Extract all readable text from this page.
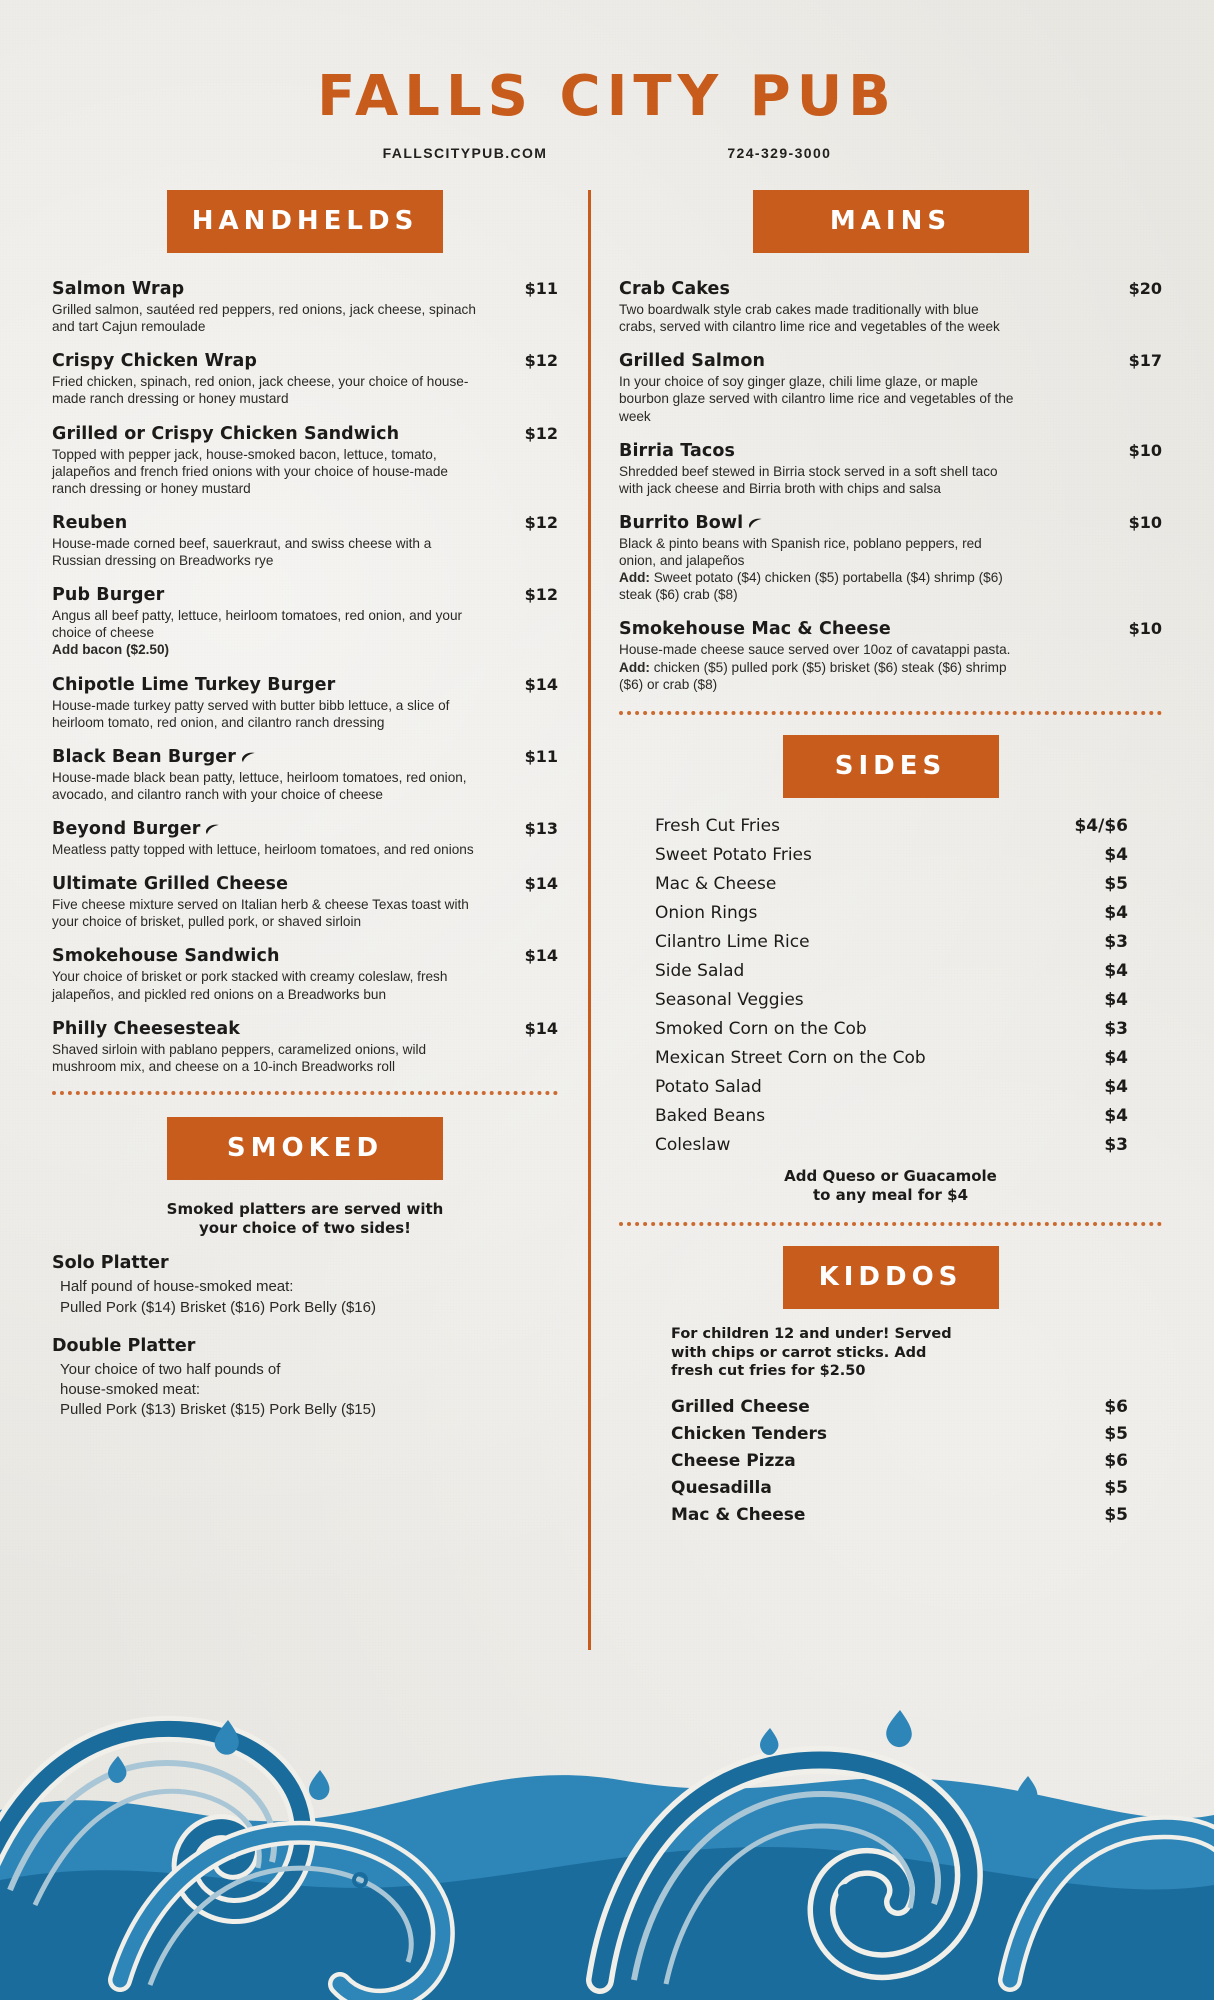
FALLS CITY PUB
FALLSCITYPUB.COM	724-329-3000
HANDHELDS
Salmon Wrap	$11
Grilled salmon, sautéed red peppers, red onions, jack cheese, spinach and tart Cajun remoulade
Crispy Chicken Wrap	$12
Fried chicken, spinach, red onion, jack cheese, your choice of house-made ranch dressing or honey mustard
Grilled or Crispy Chicken Sandwich	$12
Topped with pepper jack, house-smoked bacon, lettuce, tomato, jalapeños and french fried onions with your choice of house-made ranch dressing or honey mustard
Reuben	$12
House-made corned beef, sauerkraut, and swiss cheese with a Russian dressing on Breadworks rye
Pub Burger	$12
Angus all beef patty, lettuce, heirloom tomatoes, red onion, and your choice of cheese
Add bacon ($2.50)
Chipotle Lime Turkey Burger	$14
House-made turkey patty served with butter bibb lettuce, a slice of heirloom tomato, red onion, and cilantro ranch dressing
Black Bean Burger	$11
House-made black bean patty, lettuce, heirloom tomatoes, red onion, avocado, and cilantro ranch with your choice of cheese
Beyond Burger	$13
Meatless patty topped with lettuce, heirloom tomatoes, and red onions
Ultimate Grilled Cheese	$14
Five cheese mixture served on Italian herb & cheese Texas toast with your choice of brisket, pulled pork, or shaved sirloin
Smokehouse Sandwich	$14
Your choice of brisket or pork stacked with creamy coleslaw, fresh jalapeños, and pickled red onions on a Breadworks bun
Philly Cheesesteak	$14
Shaved sirloin with pablano peppers, caramelized onions, wild mushroom mix, and cheese on a 10-inch Breadworks roll
SMOKED
Smoked platters are served with
your choice of two sides!
Solo Platter
Half pound of house-smoked meat:
Pulled Pork ($14) Brisket ($16) Pork Belly ($16)
Double Platter
Your choice of two half pounds of
house-smoked meat:
Pulled Pork ($13) Brisket ($15) Pork Belly ($15)
MAINS
Crab Cakes	$20
Two boardwalk style crab cakes made traditionally with blue crabs, served with cilantro lime rice and vegetables of the week
Grilled Salmon	$17
In your choice of soy ginger glaze, chili lime glaze, or maple bourbon glaze served with cilantro lime rice and vegetables of the week
Birria Tacos	$10
Shredded beef stewed in Birria stock served in a soft shell taco with jack cheese and Birria broth with chips and salsa
Burrito Bowl	$10
Black & pinto beans with Spanish rice, poblano peppers, red onion, and jalapeños
Add: Sweet potato ($4) chicken ($5) portabella ($4) shrimp ($6) steak ($6) crab ($8)
Smokehouse Mac & Cheese	$10
House-made cheese sauce served over 10oz of cavatappi pasta.
Add: chicken ($5) pulled pork ($5) brisket ($6) steak ($6) shrimp ($6) or crab ($8)
SIDES
Fresh Cut Fries	$4/$6
Sweet Potato Fries	$4
Mac & Cheese	$5
Onion Rings	$4
Cilantro Lime Rice	$3
Side Salad	$4
Seasonal Veggies	$4
Smoked Corn on the Cob	$3
Mexican Street Corn on the Cob	$4
Potato Salad	$4
Baked Beans	$4
Coleslaw	$3
Add Queso or Guacamole
to any meal for $4
KIDDOS
For children 12 and under! Served with chips or carrot sticks. Add fresh cut fries for $2.50
Grilled Cheese	$6
Chicken Tenders	$5
Cheese Pizza	$6
Quesadilla	$5
Mac & Cheese	$5
